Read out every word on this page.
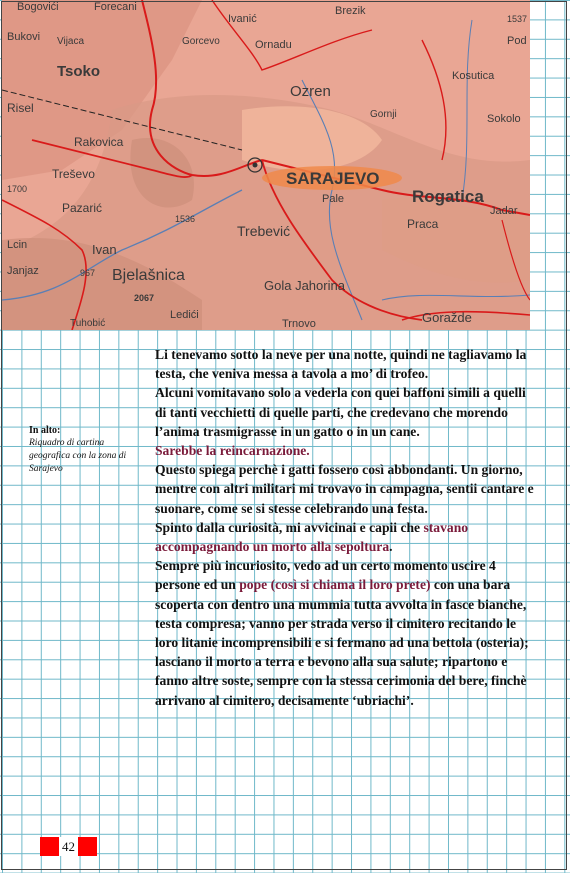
Bogovići	Forecani
Ivanić
Brezik
Bukovi Vijaca	Gorcevo	Ornadu
1537
Pod
Tsoko
Ozren
Kosutica
Risel
Sokolo
Rakovica
Gornji
Treševo	SARAJEVO
Pale	Rogatica
1700
Pazarić
Trebević	Praca
Jadar
Ivan
1536
Lcin
967 Bjelašnica
Gola Jahorina
Janjaz
2067
Tuhobić
Ledići
Trnovo	Goražde
In alto:
Riquadro di cartina geografica con la zona di Sarajevo

Li tenevamo sotto la neve per una notte, quindi ne tagliavamo la testa, che veniva messa a tavola a mo’ di trofeo.

Alcuni vomitavano solo a vederla con quei baffoni simili a quelli di tanti vecchietti di quelle parti, che credevano che morendo l’anima trasmigrasse in un gatto o in un cane.

Sarebbe la reincarnazione.

Questo spiega perchè i gatti fossero così abbondanti. Un giorno, mentre con altri militari mi trovavo in campagna, sentii cantare e suonare, come se si stesse celebrando una festa.

Spinto dalla curiosità, mi avvicinai e capii che stavano accompagnando un morto alla sepoltura.

Sempre più incuriosito, vedo ad un certo momento uscire 4 persone ed un pope (così si chiama il loro prete) con una bara scoperta con dentro una mummia tutta avvolta in fasce bianche, testa compresa; vanno per strada verso il cimitero recitando le loro litanie incomprensibili e si fermano ad una bettola (osteria); lasciano il morto a terra e bevono alla sua salute; ripartono e fanno altre soste, sempre con la stessa cerimonia del bere, finchè arrivano al cimitero, decisamente ‘ubriachi’.

42
